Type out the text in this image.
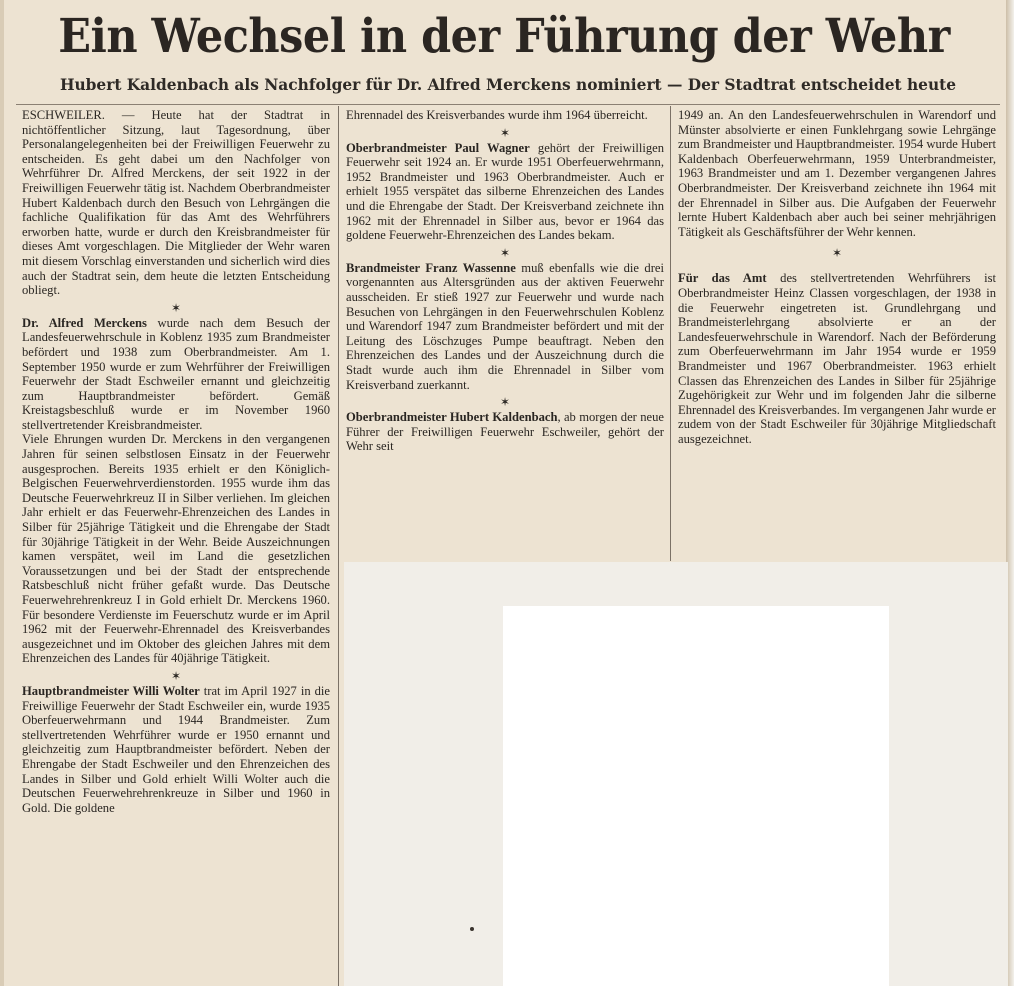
Ein Wechsel in der Führung der Wehr
Hubert Kaldenbach als Nachfolger für Dr. Alfred Merckens nominiert — Der Stadtrat entscheidet heute

ESCHWEILER. — Heute hat der Stadtrat in nichtöffentlicher Sitzung, laut Tagesordnung, über Personalangelegenheiten bei der Freiwilligen Feuerwehr zu entscheiden. Es geht dabei um den Nachfolger von Wehrführer Dr. Alfred Merckens, der seit 1922 in der Freiwilligen Feuerwehr tätig ist. Nachdem Oberbrandmeister Hubert Kaldenbach durch den Besuch von Lehrgängen die fachliche Qualifikation für das Amt des Wehrführers erworben hatte, wurde er durch den Kreisbrandmeister für dieses Amt vorgeschlagen. Die Mitglieder der Wehr waren mit diesem Vorschlag einverstanden und sicherlich wird dies auch der Stadtrat sein, dem heute die letzten Entscheidung obliegt.

✶

Dr. Alfred Merckens wurde nach dem Besuch der Landesfeuerwehrschule in Koblenz 1935 zum Brandmeister befördert und 1938 zum Oberbrandmeister. Am 1. September 1950 wurde er zum Wehrführer der Freiwilligen Feuerwehr der Stadt Eschweiler ernannt und gleichzeitig zum Hauptbrandmeister befördert. Gemäß Kreistagsbeschluß wurde er im November 1960 stellvertretender Kreisbrandmeister.

Viele Ehrungen wurden Dr. Merckens in den vergangenen Jahren für seinen selbstlosen Einsatz in der Feuerwehr ausgesprochen. Bereits 1935 erhielt er den Königlich-Belgischen Feuerwehrverdienstorden. 1955 wurde ihm das Deutsche Feuerwehrkreuz II in Silber verliehen. Im gleichen Jahr erhielt er das Feuerwehr-Ehrenzeichen des Landes in Silber für 25jährige Tätigkeit und die Ehrengabe der Stadt für 30jährige Tätigkeit in der Wehr. Beide Auszeichnungen kamen verspätet, weil im Land die gesetzlichen Voraussetzungen und bei der Stadt der entsprechende Ratsbeschluß nicht früher gefaßt wurde. Das Deutsche Feuerwehrehrenkreuz I in Gold erhielt Dr. Merckens 1960. Für besondere Verdienste im Feuerschutz wurde er im April 1962 mit der Feuerwehr-Ehrennadel des Kreisverbandes ausgezeichnet und im Oktober des gleichen Jahres mit dem Ehrenzeichen des Landes für 40jährige Tätigkeit.

✶

Hauptbrandmeister Willi Wolter trat im April 1927 in die Freiwillige Feuerwehr der Stadt Eschweiler ein, wurde 1935 Oberfeuerwehrmann und 1944 Brandmeister. Zum stellvertretenden Wehrführer wurde er 1950 ernannt und gleichzeitig zum Hauptbrandmeister befördert. Neben der Ehrengabe der Stadt Eschweiler und den Ehrenzeichen des Landes in Silber und Gold erhielt Willi Wolter auch die Deutschen Feuerwehrehrenkreuze in Silber und 1960 in Gold. Die goldene

Ehrennadel des Kreisverbandes wurde ihm 1964 überreicht.

✶

Oberbrandmeister Paul Wagner gehört der Freiwilligen Feuerwehr seit 1924 an. Er wurde 1951 Oberfeuerwehrmann, 1952 Brandmeister und 1963 Oberbrandmeister. Auch er erhielt 1955 verspätet das silberne Ehrenzeichen des Landes und die Ehrengabe der Stadt. Der Kreisverband zeichnete ihn 1962 mit der Ehrennadel in Silber aus, bevor er 1964 das goldene Feuerwehr-Ehrenzeichen des Landes bekam.

✶

Brandmeister Franz Wassenne muß ebenfalls wie die drei vorgenannten aus Altersgründen aus der aktiven Feuerwehr ausscheiden. Er stieß 1927 zur Feuerwehr und wurde nach Besuchen von Lehrgängen in den Feuerwehrschulen Koblenz und Warendorf 1947 zum Brandmeister befördert und mit der Leitung des Löschzuges Pumpe beauftragt. Neben den Ehrenzeichen des Landes und der Auszeichnung durch die Stadt wurde auch ihm die Ehrennadel in Silber vom Kreisverband zuerkannt.

✶

Oberbrandmeister Hubert Kaldenbach, ab morgen der neue Führer der Freiwilligen Feuerwehr Eschweiler, gehört der Wehr seit

1949 an. An den Landesfeuerwehrschulen in Warendorf und Münster absolvierte er einen Funklehrgang sowie Lehrgänge zum Brandmeister und Hauptbrandmeister. 1954 wurde Hubert Kaldenbach Oberfeuerwehrmann, 1959 Unterbrandmeister, 1963 Brandmeister und am 1. Dezember vergangenen Jahres Oberbrandmeister. Der Kreisverband zeichnete ihn 1964 mit der Ehrennadel in Silber aus. Die Aufgaben der Feuerwehr lernte Hubert Kaldenbach aber auch bei seiner mehrjährigen Tätigkeit als Geschäftsführer der Wehr kennen.

✶

Für das Amt des stellvertretenden Wehrführers ist Oberbrandmeister Heinz Classen vorgeschlagen, der 1938 in die Feuerwehr eingetreten ist. Grundlehrgang und Brandmeisterlehrgang absolvierte er an der Landesfeuerwehrschule in Warendorf. Nach der Beförderung zum Oberfeuerwehrmann im Jahr 1954 wurde er 1959 Brandmeister und 1967 Oberbrandmeister. 1963 erhielt Classen das Ehrenzeichen des Landes in Silber für 25jährige Zugehörigkeit zur Wehr und im folgenden Jahr die silberne Ehrennadel des Kreisverbandes. Im vergangenen Jahr wurde er zudem von der Stadt Eschweiler für 30jährige Mitgliedschaft ausgezeichnet.
